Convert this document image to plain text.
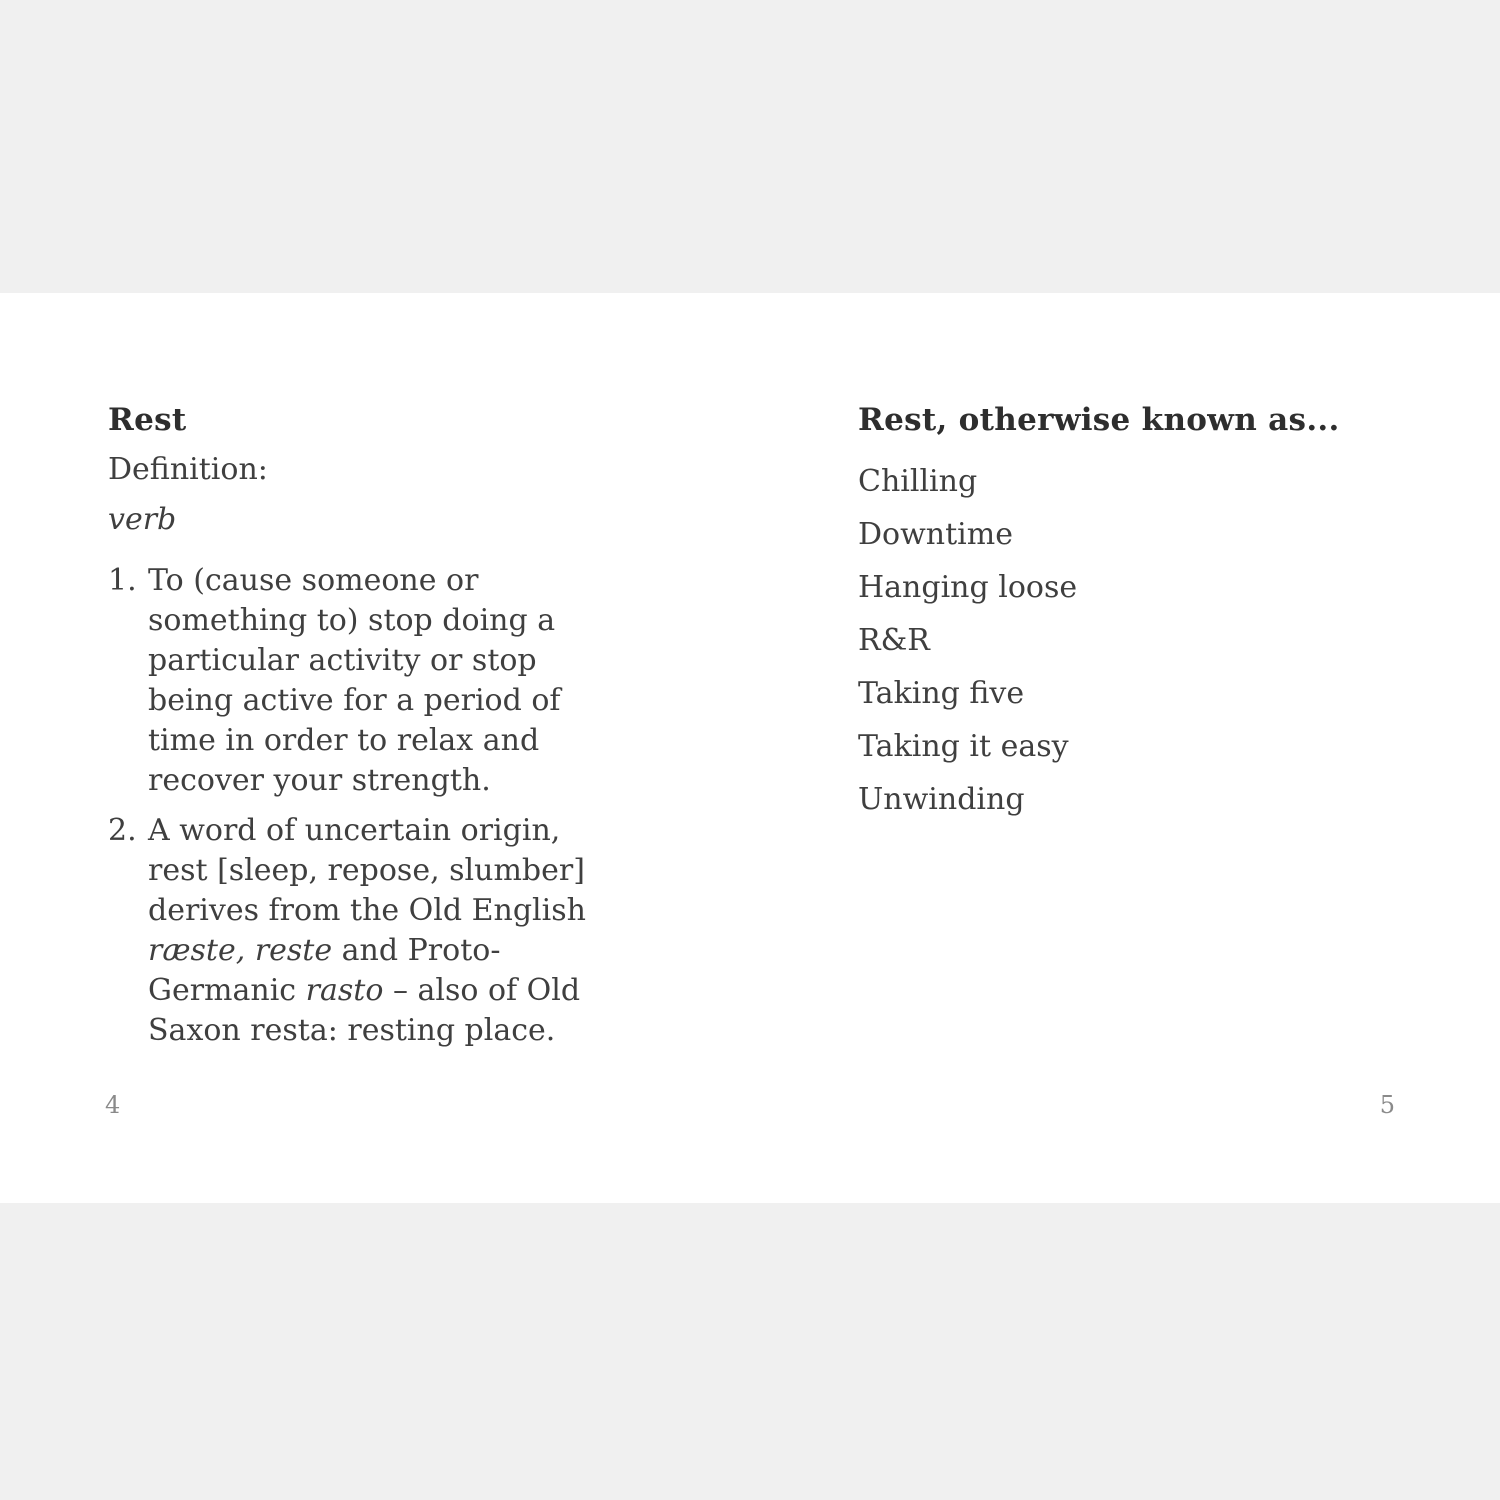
Rest

Definition:

verb

1. To (cause someone or something to) stop doing a particular activity or stop being active for a period of time in order to relax and recover your strength.
2. A word of uncertain origin, rest [sleep, repose, slumber] derives from the Old English ræste, reste and Proto-Germanic rasto – also of Old Saxon resta: resting place.
Rest, otherwise known as...
Chilling
Downtime
Hanging loose
R&R
Taking five
Taking it easy
Unwinding
4	5
